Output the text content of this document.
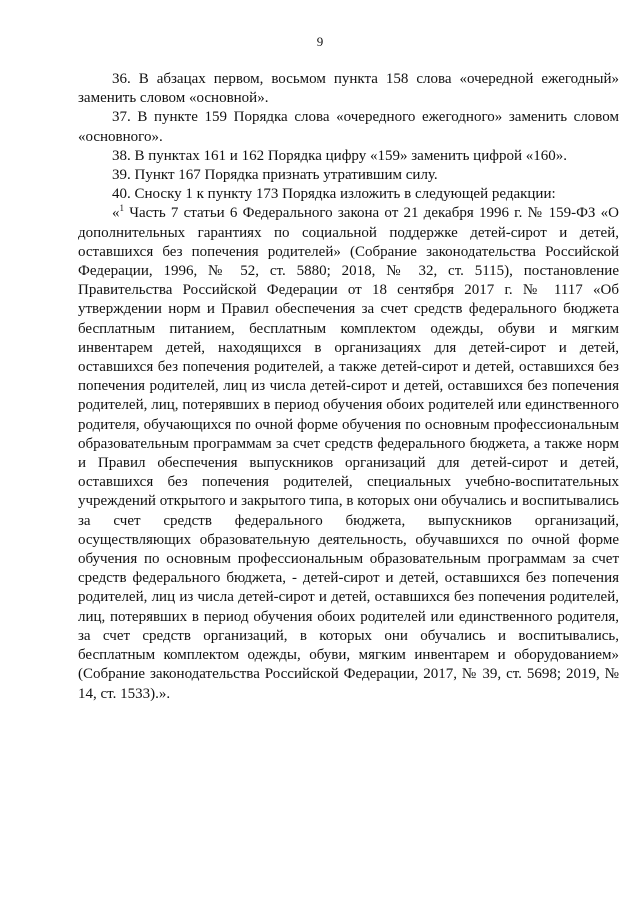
9

36. В абзацах первом, восьмом пункта 158 слова «очередной ежегодный» заменить словом «основной».

37. В пункте 159 Порядка слова «очередного ежегодного» заменить словом «основного».

38. В пунктах 161 и 162 Порядка цифру «159» заменить цифрой «160».

39. Пункт 167 Порядка признать утратившим силу.

40. Сноску 1 к пункту 173 Порядка изложить в следующей редакции:

«$^1$ Часть 7 статьи 6 Федерального закона от 21 декабря 1996 г. № 159-ФЗ «О дополнительных гарантиях по социальной поддержке детей-сирот и детей, оставшихся без попечения родителей» (Собрание законодательства Российской Федерации, 1996, № 52, ст. 5880; 2018, № 32, ст. 5115), постановление Правительства Российской Федерации от 18 сентября 2017 г. № 1117 «Об утверждении норм и Правил обеспечения за счет средств федерального бюджета бесплатным питанием, бесплатным комплектом одежды, обуви и мягким инвентарем детей, находящихся в организациях для детей-сирот и детей, оставшихся без попечения родителей, а также детей-сирот и детей, оставшихся без попечения родителей, лиц из числа детей-сирот и детей, оставшихся без попечения родителей, лиц, потерявших в период обучения обоих родителей или единственного родителя, обучающихся по очной форме обучения по основным профессиональным образовательным программам за счет средств федерального бюджета, а также норм и Правил обеспечения выпускников организаций для детей-сирот и детей, оставшихся без попечения родителей, специальных учебно-воспитательных учреждений открытого и закрытого типа, в которых они обучались и воспитывались за счет средств федерального бюджета, выпускников организаций, осуществляющих образовательную деятельность, обучавшихся по очной форме обучения по основным профессиональным образовательным программам за счет средств федерального бюджета, - детей-сирот и детей, оставшихся без попечения родителей, лиц из числа детей-сирот и детей, оставшихся без попечения родителей, лиц, потерявших в период обучения обоих родителей или единственного родителя, за счет средств организаций, в которых они обучались и воспитывались, бесплатным комплектом одежды, обуви, мягким инвентарем и оборудованием» (Собрание законодательства Российской Федерации, 2017, № 39, ст. 5698; 2019, № 14, ст. 1533).».
